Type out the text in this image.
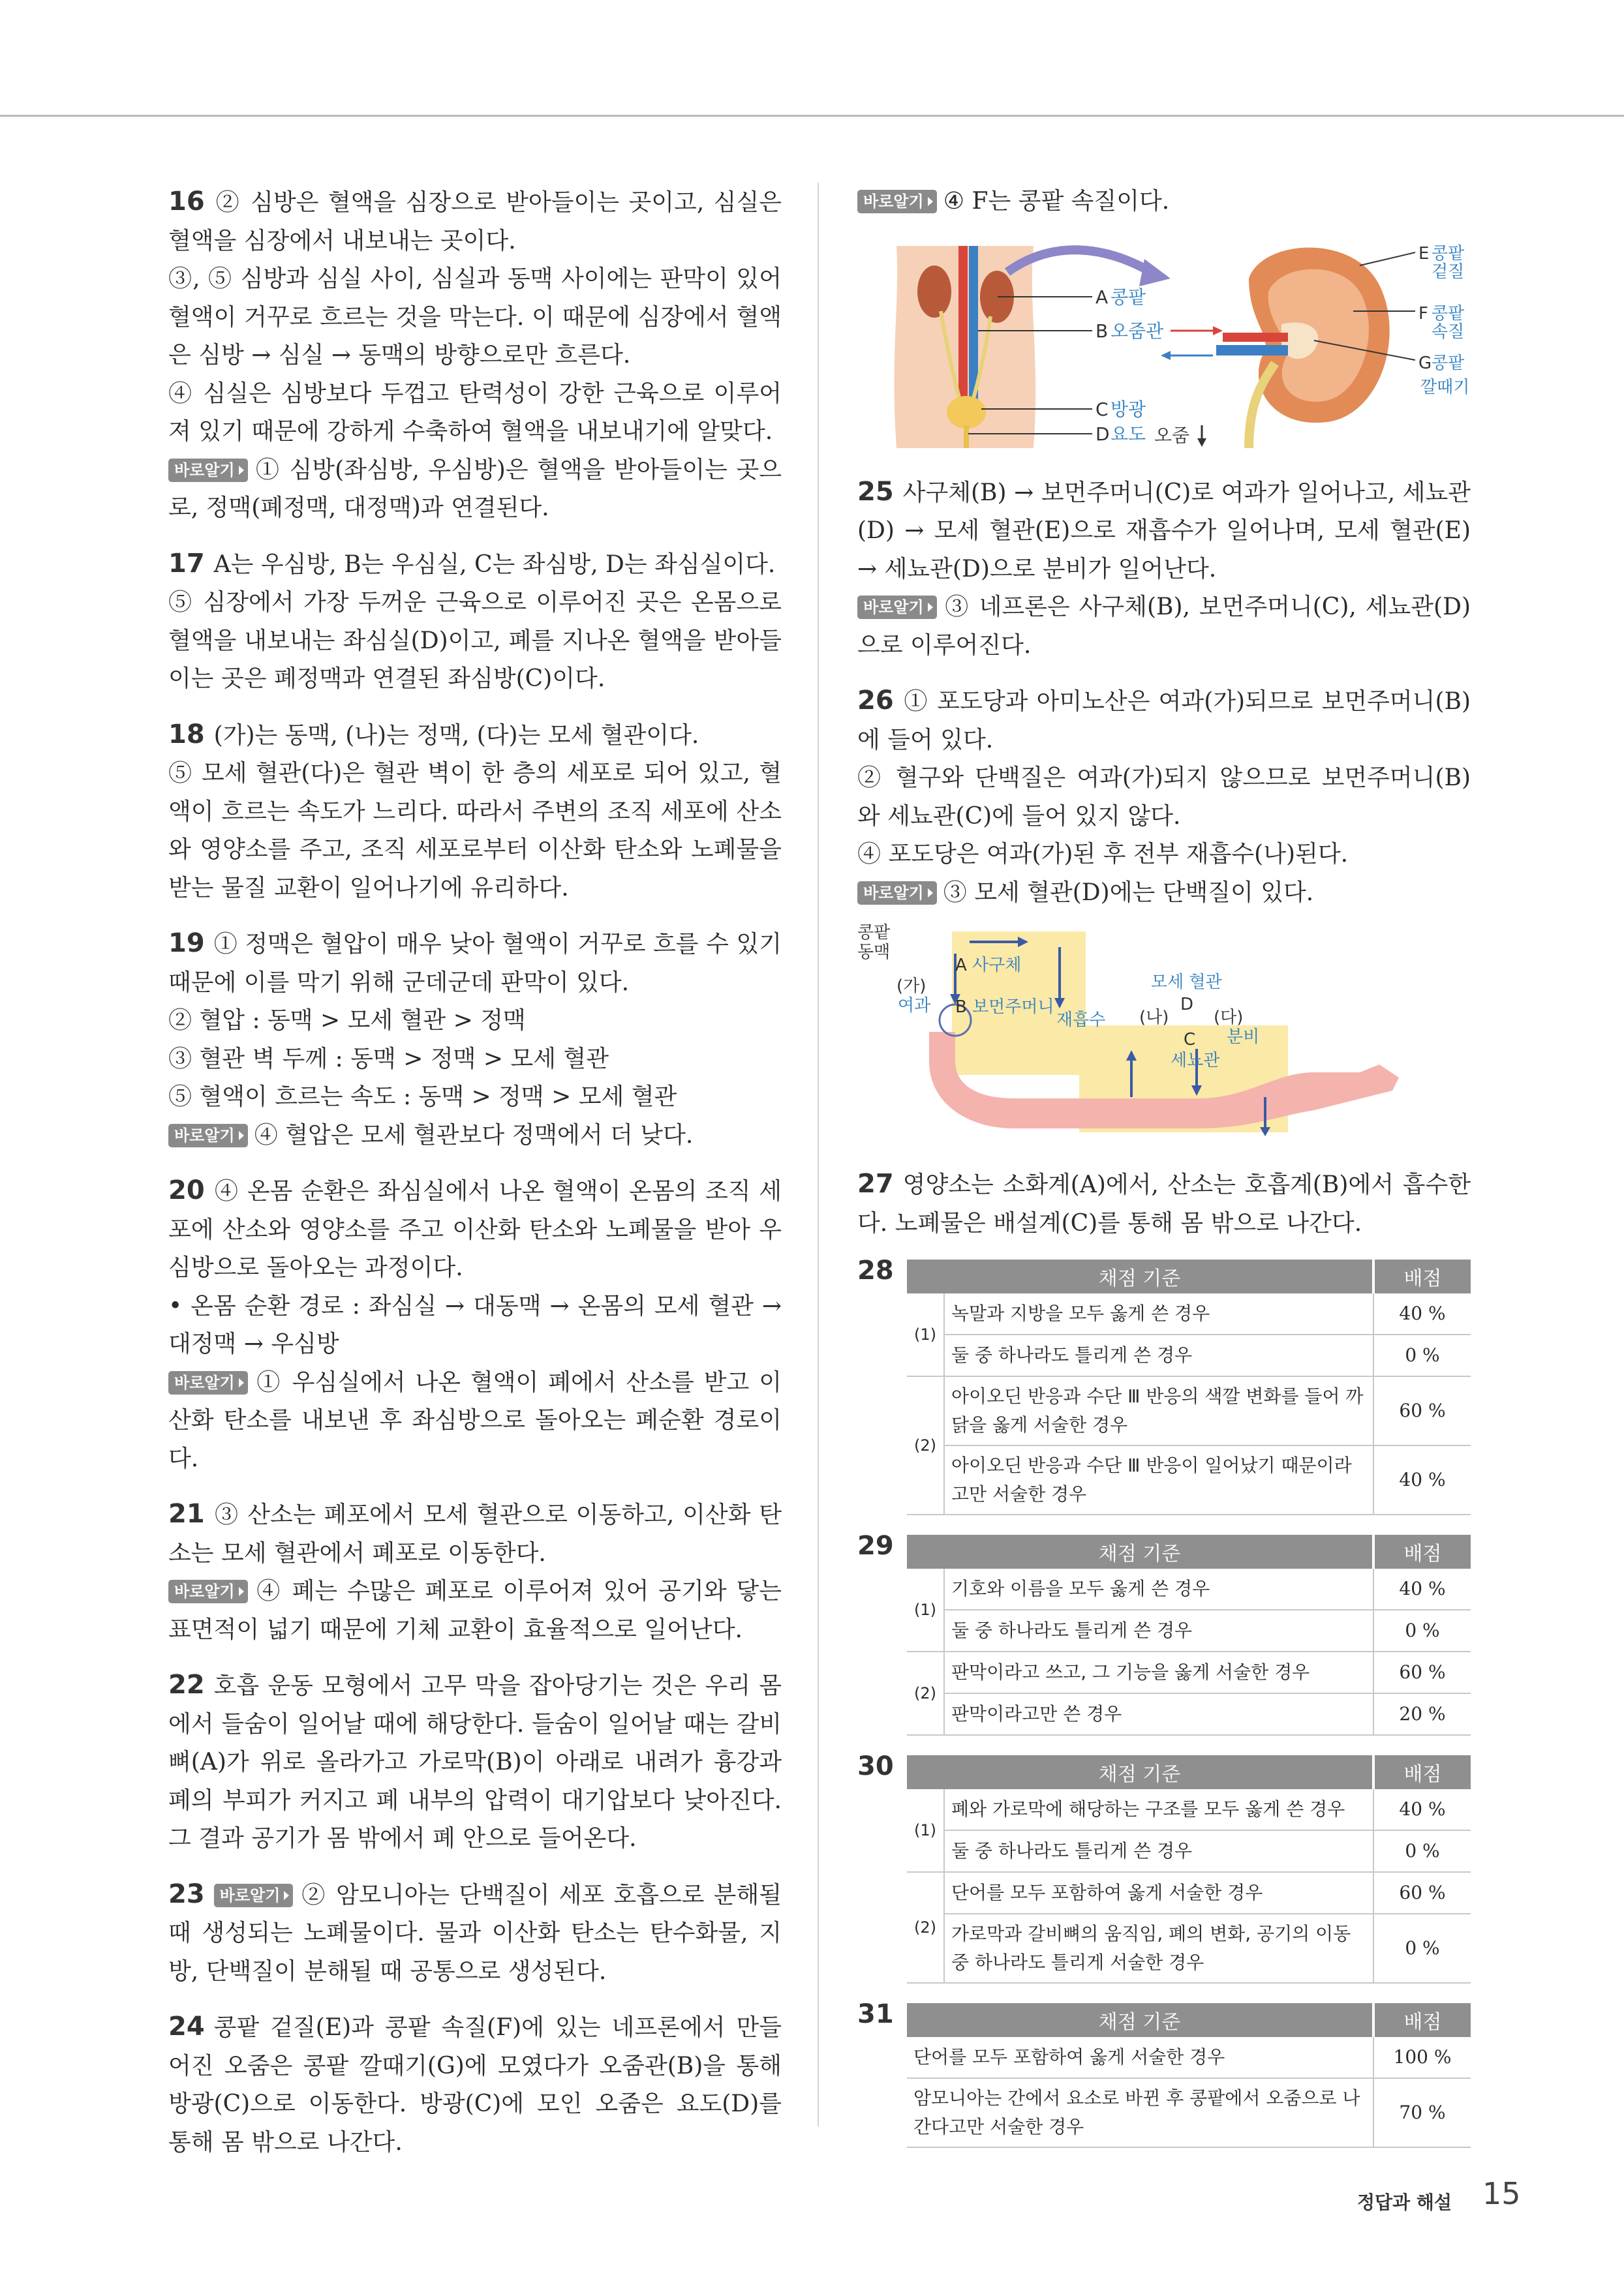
16 ② 심방은 혈액을 심장으로 받아들이는 곳이고, 심실은 혈액을 심장에서 내보내는 곳이다.

③, ⑤ 심방과 심실 사이, 심실과 동맥 사이에는 판막이 있어 혈액이 거꾸로 흐르는 것을 막는다. 이 때문에 심장에서 혈액은 심방 → 심실 → 동맥의 방향으로만 흐른다.

④ 심실은 심방보다 두껍고 탄력성이 강한 근육으로 이루어져 있기 때문에 강하게 수축하여 혈액을 내보내기에 알맞다.

바로알기 ① 심방(좌심방, 우심방)은 혈액을 받아들이는 곳으로, 정맥(폐정맥, 대정맥)과 연결된다.

17 A는 우심방, B는 우심실, C는 좌심방, D는 좌심실이다.

⑤ 심장에서 가장 두꺼운 근육으로 이루어진 곳은 온몸으로 혈액을 내보내는 좌심실(D)이고, 폐를 지나온 혈액을 받아들이는 곳은 폐정맥과 연결된 좌심방(C)이다.

18 (가)는 동맥, (나)는 정맥, (다)는 모세 혈관이다.

⑤ 모세 혈관(다)은 혈관 벽이 한 층의 세포로 되어 있고, 혈액이 흐르는 속도가 느리다. 따라서 주변의 조직 세포에 산소와 영양소를 주고, 조직 세포로부터 이산화 탄소와 노폐물을 받는 물질 교환이 일어나기에 유리하다.

19 ① 정맥은 혈압이 매우 낮아 혈액이 거꾸로 흐를 수 있기 때문에 이를 막기 위해 군데군데 판막이 있다.

② 혈압 : 동맥 > 모세 혈관 > 정맥

③ 혈관 벽 두께 : 동맥 > 정맥 > 모세 혈관

⑤ 혈액이 흐르는 속도 : 동맥 > 정맥 > 모세 혈관

바로알기 ④ 혈압은 모세 혈관보다 정맥에서 더 낮다.

20 ④ 온몸 순환은 좌심실에서 나온 혈액이 온몸의 조직 세포에 산소와 영양소를 주고 이산화 탄소와 노폐물을 받아 우심방으로 돌아오는 과정이다.

• 온몸 순환 경로 : 좌심실 → 대동맥 → 온몸의 모세 혈관 → 대정맥 → 우심방

바로알기 ① 우심실에서 나온 혈액이 폐에서 산소를 받고 이산화 탄소를 내보낸 후 좌심방으로 돌아오는 폐순환 경로이다.

21 ③ 산소는 폐포에서 모세 혈관으로 이동하고, 이산화 탄소는 모세 혈관에서 폐포로 이동한다.

바로알기 ④ 폐는 수많은 폐포로 이루어져 있어 공기와 닿는 표면적이 넓기 때문에 기체 교환이 효율적으로 일어난다.

22 호흡 운동 모형에서 고무 막을 잡아당기는 것은 우리 몸에서 들숨이 일어날 때에 해당한다. 들숨이 일어날 때는 갈비뼈(A)가 위로 올라가고 가로막(B)이 아래로 내려가 흉강과 폐의 부피가 커지고 폐 내부의 압력이 대기압보다 낮아진다. 그 결과 공기가 몸 밖에서 폐 안으로 들어온다.

23 바로알기 ② 암모니아는 단백질이 세포 호흡으로 분해될 때 생성되는 노폐물이다. 물과 이산화 탄소는 탄수화물, 지방, 단백질이 분해될 때 공통으로 생성된다.

24 콩팥 겉질(E)과 콩팥 속질(F)에 있는 네프론에서 만들어진 오줌은 콩팥 깔때기(G)에 모였다가 오줌관(B)을 통해 방광(C)으로 이동한다. 방광(C)에 모인 오줌은 요도(D)를 통해 몸 밖으로 나간다.

바로알기 ④ F는 콩팥 속질이다.

A 콩팥
B 오줌관
C 방광
D 요도 오줌
E 콩팥
겉질
F 콩팥
속질
G 콩팥
깔때기

25 사구체(B) → 보먼주머니(C)로 여과가 일어나고, 세뇨관(D) → 모세 혈관(E)으로 재흡수가 일어나며, 모세 혈관(E) → 세뇨관(D)으로 분비가 일어난다.

바로알기 ③ 네프론은 사구체(B), 보먼주머니(C), 세뇨관(D)으로 이루어진다.

26 ① 포도당과 아미노산은 여과(가)되므로 보먼주머니(B)에 들어 있다.

② 혈구와 단백질은 여과(가)되지 않으므로 보먼주머니(B)와 세뇨관(C)에 들어 있지 않다.

④ 포도당은 여과(가)된 후 전부 재흡수(나)된다.

바로알기 ③ 모세 혈관(D)에는 단백질이 있다.

콩팥
동맥
(가)
여과
A 사구체
B 보먼주머니
재흡수 (나)
모세 혈관
D
(다)
분비
C
세뇨관

27 영양소는 소화계(A)에서, 산소는 호흡계(B)에서 흡수한다. 노폐물은 배설계(C)를 통해 몸 밖으로 나간다.

28	채점 기준		배점
(1)	녹말과 지방을 모두 옳게 쓴 경우	40 %
	둘 중 하나라도 틀리게 쓴 경우	0 %
(2)	아이오딘 반응과 수단 Ⅲ 반응의 색깔 변화를 들어 까닭을 옳게 서술한 경우	60 %
	아이오딘 반응과 수단 Ⅲ 반응이 일어났기 때문이라고만 서술한 경우	40 %
29	채점 기준		배점
(1)	기호와 이름을 모두 옳게 쓴 경우	40 %
	둘 중 하나라도 틀리게 쓴 경우	0 %
(2)	판막이라고 쓰고, 그 기능을 옳게 서술한 경우	60 %
	판막이라고만 쓴 경우	20 %
30	채점 기준		배점
(1)	폐와 가로막에 해당하는 구조를 모두 옳게 쓴 경우	40 %
	둘 중 하나라도 틀리게 쓴 경우	0 %
(2)	단어를 모두 포함하여 옳게 서술한 경우	60 %
	가로막과 갈비뼈의 움직임, 폐의 변화, 공기의 이동 중 하나라도 틀리게 서술한 경우	0 %
31	채점 기준	배점
단어를 모두 포함하여 옳게 서술한 경우	100 %
암모니아는 간에서 요소로 바뀐 후 콩팥에서 오줌으로 나간다고만 서술한 경우	70 %
정답과 해설 15
